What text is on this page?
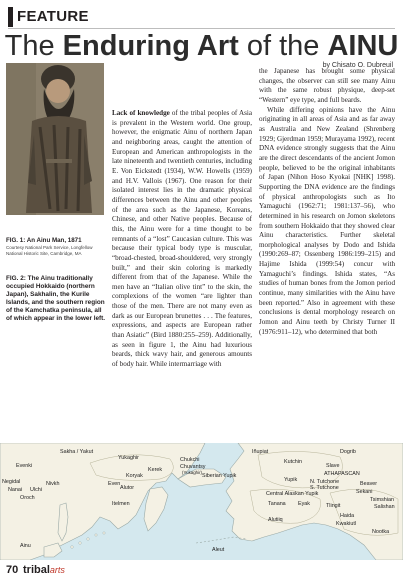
FEATURE
The Enduring Art of the AINU
by Chisato O. Dubreuil
FIG. 1: An Ainu Man, 1871
Courtesy National Park Service, Longfellow National Historic Site, Cambridge, MA
FIG. 2: The Ainu traditionally occupied Hokkaido (northern Japan), Sakhalin, the Kurile Islands, and the southern region of the Kamchatka peninsula, all of which appear in the lower left.

Lack of knowledge of the tribal peoples of Asia is prevalent in the Western world. One group, however, the enigmatic Ainu of northern Japan and neighboring areas, caught the attention of European and American anthropologists in the late nineteenth and twentieth centuries, including E. Von Eickstedt (1934), W.W. Howells (1959) and H.V. Vallois (1967). One reason for their isolated interest lies in the dramatic physical differences between the Ainu and other peoples of the area such as the Japanese, Koreans, Chinese, and other Native peoples. Because of this, the Ainu were for a time thought to be remnants of a “lost” Caucasian culture. This was because their typical body type is muscular, “broad-chested, broad-shouldered, very strongly built,” and their skin coloring is markedly different from that of the Japanese. While the men have an “Italian olive tint” to the skin, the complexions of the women “are lighter than those of the men. There are not many even as dark as our European brunettes . . . The features, expressions, and aspects are European rather than Asiatic” (Bird 1880:255–259). Additionally, as seen in figure 1, the Ainu had luxurious beards, thick wavy hair, and generous amounts of body hair. While intermarriage with

the Japanese has brought some physical changes, the observer can still see many Ainu with the same robust physique, deep-set “Western” eye type, and full beards.

While differing opinions have the Ainu originating in all areas of Asia and as far away as Australia and New Zealand (Shrenberg 1929; Gjerdman 1959; Murayama 1992), recent DNA evidence strongly suggests that the Ainu are the direct descendants of the ancient Jomon people, believed to be the original inhabitants of Japan (Nihon Hoso Kyokai [NHK] 1998). Supporting the DNA evidence are the findings of physical anthropologists such as Ito Yamaguchi (1962:71; 1981:137–56), who determined in his research on Jomon skeletons from southern Hokkaido that they showed clear Ainu characteristics. Further skeletal morphological analyses by Dodo and Ishida (1990:269–87; Ossenberg 1986:199–215) and Hajime Ishida (1999:54) concur with Yamaguchi’s findings. Ishida states, “As studies of human bones from the Jomon period continue, many similarities with the Ainu have been reported.” Also in agreement with these conclusions is dental morphology research on Jomon and Ainu teeth by Christy Turner II (1976:911–12), who determined that both

Sakha / Yakut
Yukaghir
Evenki
Even
Chukchi
Chuvantsy
(Yukaghir)
Iñupiat	Dogrib
Kutchin
Slave
ATHAPASCAN
Negidal
Nanai Ulchi
Oroch
Nivkh
Koryak
Kerek
Alutor
Itelmen
Siberian Yupik
Yupik
Central Alaskan Yupik
N. Tutchone
S. Tutchone
Beaver
Sekani
Tsimshian
Salishan
Tanana	Tlingit
Eyak
Haida
Kwakiutl
Nootka
Alutiiq
Aleut
Ainu
70 tribalarts
